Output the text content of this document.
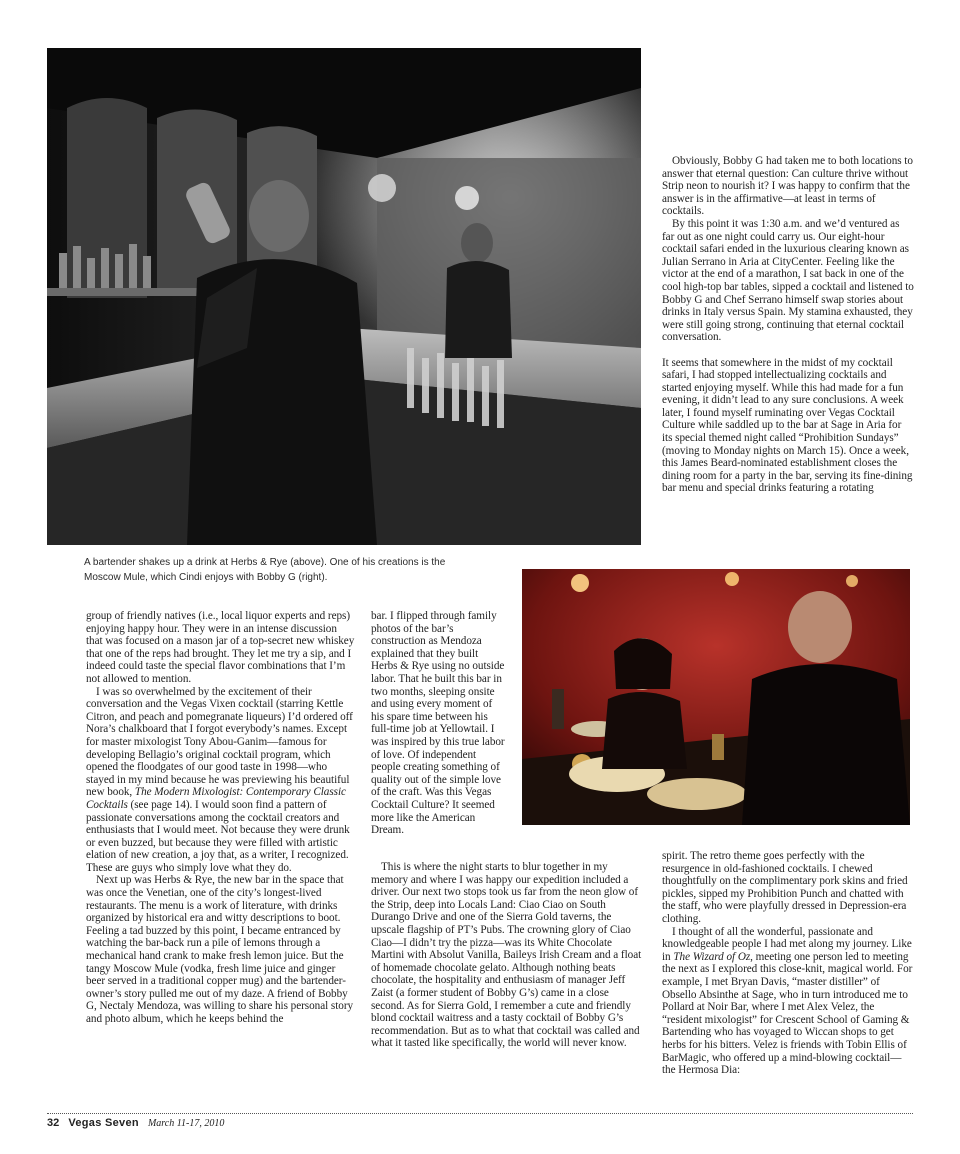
Obviously, Bobby G had taken me to both locations to answer that eternal question: Can culture thrive without Strip neon to nourish it? I was happy to confirm that the answer is in the affirmative—at least in terms of cocktails.

By this point it was 1:30 a.m. and we’d ventured as far out as one night could carry us. Our eight-hour cocktail safari ended in the luxurious clearing known as Julian Serrano in Aria at CityCenter. Feeling like the victor at the end of a marathon, I sat back in one of the cool high-top bar tables, sipped a cocktail and listened to Bobby G and Chef Serrano himself swap stories about drinks in Italy versus Spain. My stamina exhausted, they were still going strong, continuing that eternal cocktail conversation.

It seems that somewhere in the midst of my cocktail safari, I had stopped intellectualizing cocktails and started enjoying myself. While this had made for a fun evening, it didn’t lead to any sure conclusions. A week later, I found myself ruminating over Vegas Cocktail Culture while saddled up to the bar at Sage in Aria for its special themed night called “Prohibition Sundays” (moving to Monday nights on March 15). Once a week, this James Beard-nominated establishment closes the dining room for a party in the bar, serving its fine-dining bar menu and special drinks featuring a rotating

A bartender shakes up a drink at Herbs & Rye (above). One of his creations is the
Moscow Mule, which Cindi enjoys with Bobby G (right).

group of friendly natives (i.e., local liquor experts and reps) enjoying happy hour. They were in an intense discussion that was focused on a mason jar of a top-secret new whiskey that one of the reps had brought. They let me try a sip, and I indeed could taste the special flavor combinations that I’m not allowed to mention.

I was so overwhelmed by the excitement of their conversation and the Vegas Vixen cocktail (starring Kettle Citron, and peach and pomegranate liqueurs) I’d ordered off Nora’s chalkboard that I forgot everybody’s names. Except for master mixologist Tony Abou-Ganim—famous for developing Bellagio’s original cocktail program, which opened the floodgates of our good taste in 1998—who stayed in my mind because he was previewing his beautiful new book, The Modern Mixologist: Contemporary Classic Cocktails (see page 14). I would soon find a pattern of passionate conversations among the cocktail creators and enthusiasts that I would meet. Not because they were drunk or even buzzed, but because they were filled with artistic elation of new creation, a joy that, as a writer, I recognized. These are guys who simply love what they do.

Next up was Herbs & Rye, the new bar in the space that was once the Venetian, one of the city’s longest-lived restaurants. The menu is a work of literature, with drinks organized by historical era and witty descriptions to boot. Feeling a tad buzzed by this point, I became entranced by watching the bar-back run a pile of lemons through a mechanical hand crank to make fresh lemon juice. But the tangy Moscow Mule (vodka, fresh lime juice and ginger beer served in a traditional copper mug) and the bartender-owner’s story pulled me out of my daze. A friend of Bobby G, Nectaly Mendoza, was willing to share his personal story and photo album, which he keeps behind the

bar. I flipped through family photos of the bar’s construction as Mendoza explained that they built Herbs & Rye using no outside labor. That he built this bar in two months, sleeping onsite and using every moment of his spare time between his full-time job at Yellowtail. I was inspired by this true labor of love. Of independent people creating something of quality out of the simple love of the craft. Was this Vegas Cocktail Culture? It seemed more like the American Dream.

This is where the night starts to blur together in my memory and where I was happy our expedition included a driver. Our next two stops took us far from the neon glow of the Strip, deep into Locals Land: Ciao Ciao on South Durango Drive and one of the Sierra Gold taverns, the upscale flagship of PT’s Pubs. The crowning glory of Ciao Ciao—I didn’t try the pizza—was its White Chocolate Martini with Absolut Vanilla, Baileys Irish Cream and a float of homemade chocolate gelato. Although nothing beats chocolate, the hospitality and enthusiasm of manager Jeff Zaist (a former student of Bobby G’s) came in a close second. As for Sierra Gold, I remember a cute and friendly blond cocktail waitress and a tasty cocktail of Bobby G’s recommendation. But as to what that cocktail was called and what it tasted like specifically, the world will never know.

spirit. The retro theme goes perfectly with the resurgence in old-fashioned cocktails. I chewed thoughtfully on the complimentary pork skins and fried pickles, sipped my Prohibition Punch and chatted with the staff, who were playfully dressed in Depression-era clothing.

I thought of all the wonderful, passionate and knowledgeable people I had met along my journey. Like in The Wizard of Oz, meeting one person led to meeting the next as I explored this close-knit, magical world. For example, I met Bryan Davis, “master distiller” of Obsello Absinthe at Sage, who in turn introduced me to Pollard at Noir Bar, where I met Alex Velez, the “resident mixologist” for Crescent School of Gaming & Bartending who has voyaged to Wiccan shops to get herbs for his bitters. Velez is friends with Tobin Ellis of BarMagic, who offered up a mind-blowing cocktail—the Hermosa Dia:

32 Vegas Seven March 11-17, 2010
